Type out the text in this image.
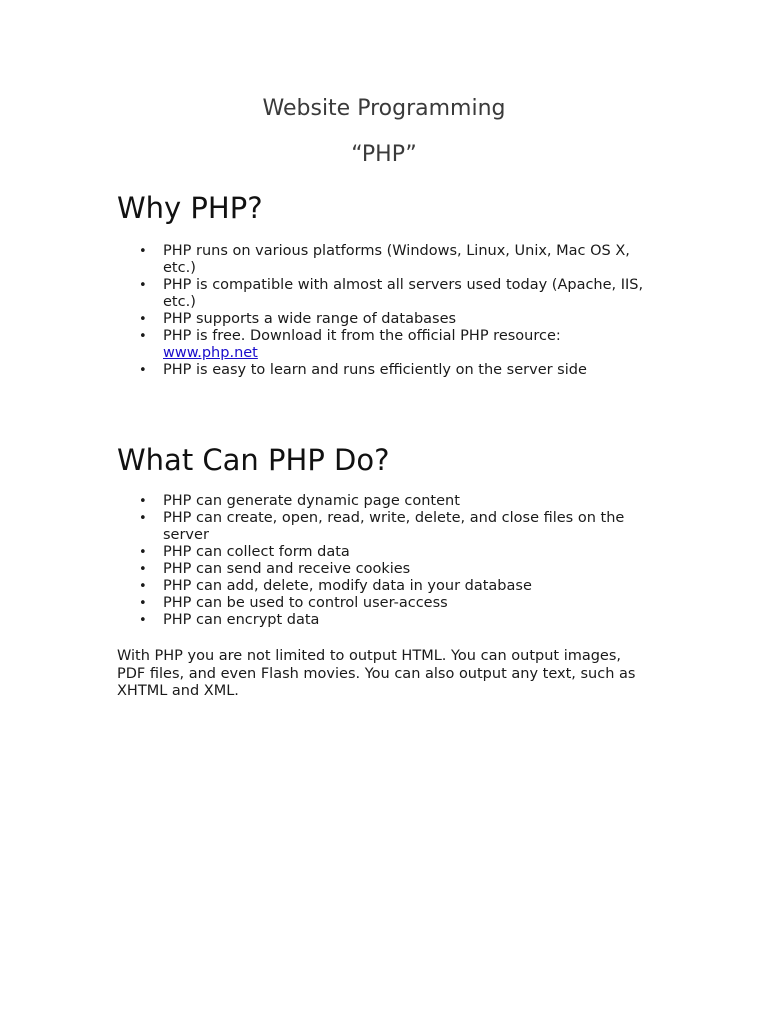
Website Programming
“PHP”
Why PHP?
• PHP runs on various platforms (Windows, Linux, Unix, Mac OS X, etc.)
• PHP is compatible with almost all servers used today (Apache, IIS, etc.)
• PHP supports a wide range of databases
• PHP is free. Download it from the official PHP resource: www.php.net
• PHP is easy to learn and runs efficiently on the server side
What Can PHP Do?
• PHP can generate dynamic page content
• PHP can create, open, read, write, delete, and close files on the server
• PHP can collect form data
• PHP can send and receive cookies
• PHP can add, delete, modify data in your database
• PHP can be used to control user-access
• PHP can encrypt data

With PHP you are not limited to output HTML. You can output images, PDF files, and even Flash movies. You can also output any text, such as XHTML and XML.
